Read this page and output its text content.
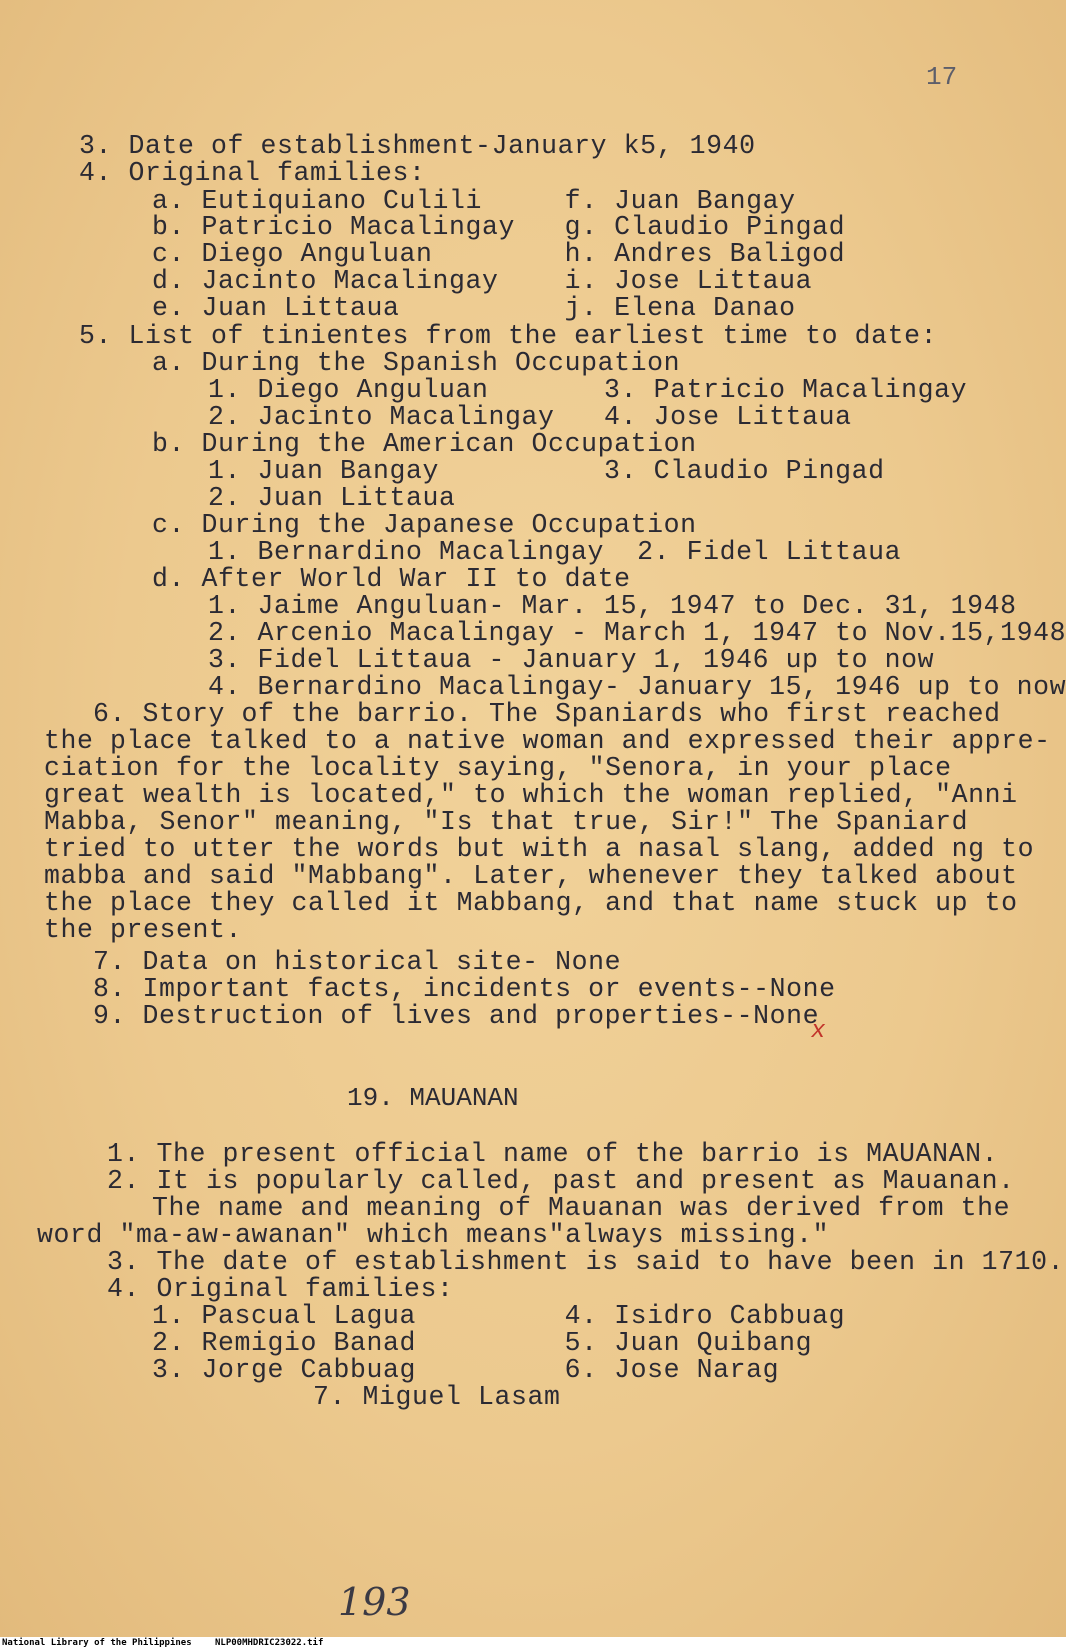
17
3. Date of establishment-January k5, 1940
4. Original families:
a. Eutiquiano Culili     f. Juan Bangay
b. Patricio Macalingay   g. Claudio Pingad
c. Diego Anguluan        h. Andres Baligod
d. Jacinto Macalingay    i. Jose Littaua
e. Juan Littaua          j. Elena Danao
5. List of tinientes from the earliest time to date:
a. During the Spanish Occupation
1. Diego Anguluan       3. Patricio Macalingay
2. Jacinto Macalingay   4. Jose Littaua
b. During the American Occupation
1. Juan Bangay          3. Claudio Pingad
2. Juan Littaua
c. During the Japanese Occupation
1. Bernardino Macalingay  2. Fidel Littaua
d. After World War II to date
1. Jaime Anguluan- Mar. 15, 1947 to Dec. 31, 1948
2. Arcenio Macalingay - March 1, 1947 to Nov.15,1948
3. Fidel Littaua - January 1, 1946 up to now
4. Bernardino Macalingay- January 15, 1946 up to now
6. Story of the barrio. The Spaniards who first reached
the place talked to a native woman and expressed their appre-
ciation for the locality saying, "Senora, in your place
great wealth is located," to which the woman replied, "Anni
Mabba, Senor" meaning, "Is that true, Sir!" The Spaniard
tried to utter the words but with a nasal slang, added ng to
mabba and said "Mabbang". Later, whenever they talked about
the place they called it Mabbang, and that name stuck up to
the present.
7. Data on historical site- None
8. Important facts, incidents or events--None
9. Destruction of lives and properties--None
x
19. MAUANAN
1. The present official name of the barrio is MAUANAN.
2. It is popularly called, past and present as Mauanan.
The name and meaning of Mauanan was derived from the
word "ma-aw-awanan" which means"always missing."
3. The date of establishment is said to have been in 1710.
4. Original families:
1. Pascual Lagua         4. Isidro Cabbuag
2. Remigio Banad         5. Juan Quibang
3. Jorge Cabbuag         6. Jose Narag
7. Miguel Lasam
193
National Library of the Philippines	NLP00MHDRIC23022.tif
